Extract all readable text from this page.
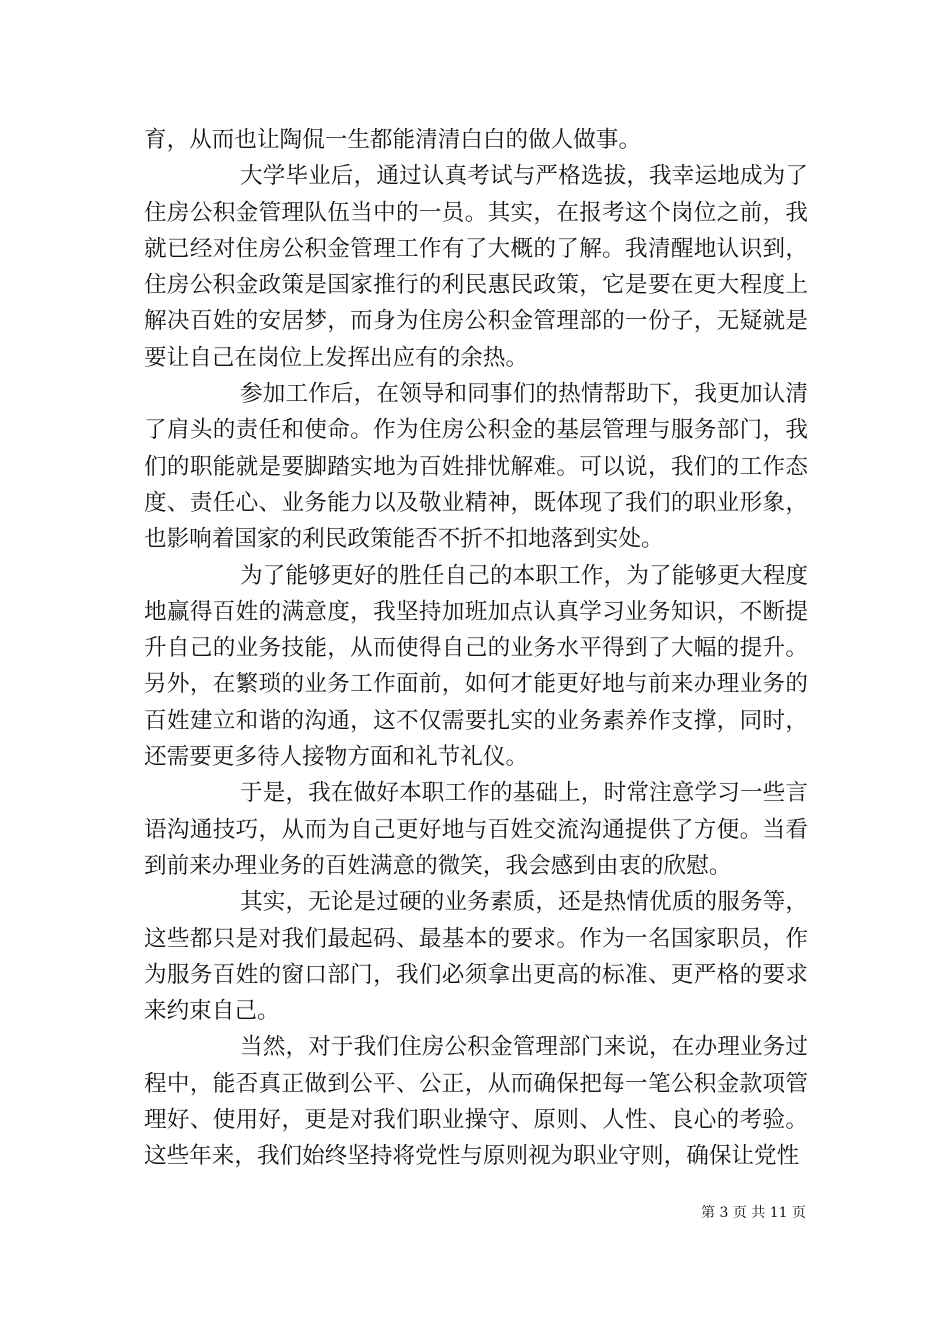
育，从而也让陶侃一生都能清清白白的做人做事。

大学毕业后，通过认真考试与严格选拔，我幸运地成为了住房公积金管理队伍当中的一员。其实，在报考这个岗位之前，我就已经对住房公积金管理工作有了大概的了解。我清醒地认识到，住房公积金政策是国家推行的利民惠民政策，它是要在更大程度上解决百姓的安居梦，而身为住房公积金管理部的一份子，无疑就是要让自己在岗位上发挥出应有的余热。

参加工作后，在领导和同事们的热情帮助下，我更加认清了肩头的责任和使命。作为住房公积金的基层管理与服务部门，我们的职能就是要脚踏实地为百姓排忧解难。可以说，我们的工作态度、责任心、业务能力以及敬业精神，既体现了我们的职业形象，也影响着国家的利民政策能否不折不扣地落到实处。

为了能够更好的胜任自己的本职工作，为了能够更大程度地赢得百姓的满意度，我坚持加班加点认真学习业务知识，不断提升自己的业务技能，从而使得自己的业务水平得到了大幅的提升。另外，在繁琐的业务工作面前，如何才能更好地与前来办理业务的百姓建立和谐的沟通，这不仅需要扎实的业务素养作支撑，同时，还需要更多待人接物方面和礼节礼仪。

于是，我在做好本职工作的基础上，时常注意学习一些言语沟通技巧，从而为自己更好地与百姓交流沟通提供了方便。当看到前来办理业务的百姓满意的微笑，我会感到由衷的欣慰。

其实，无论是过硬的业务素质，还是热情优质的服务等，这些都只是对我们最起码、最基本的要求。作为一名国家职员，作为服务百姓的窗口部门，我们必须拿出更高的标准、更严格的要求来约束自己。

当然，对于我们住房公积金管理部门来说，在办理业务过程中，能否真正做到公平、公正，从而确保把每一笔公积金款项管理好、使用好，更是对我们职业操守、原则、人性、良心的考验。这些年来，我们始终坚持将党性与原则视为职业守则，确保让党性

第 3 页 共 11 页
